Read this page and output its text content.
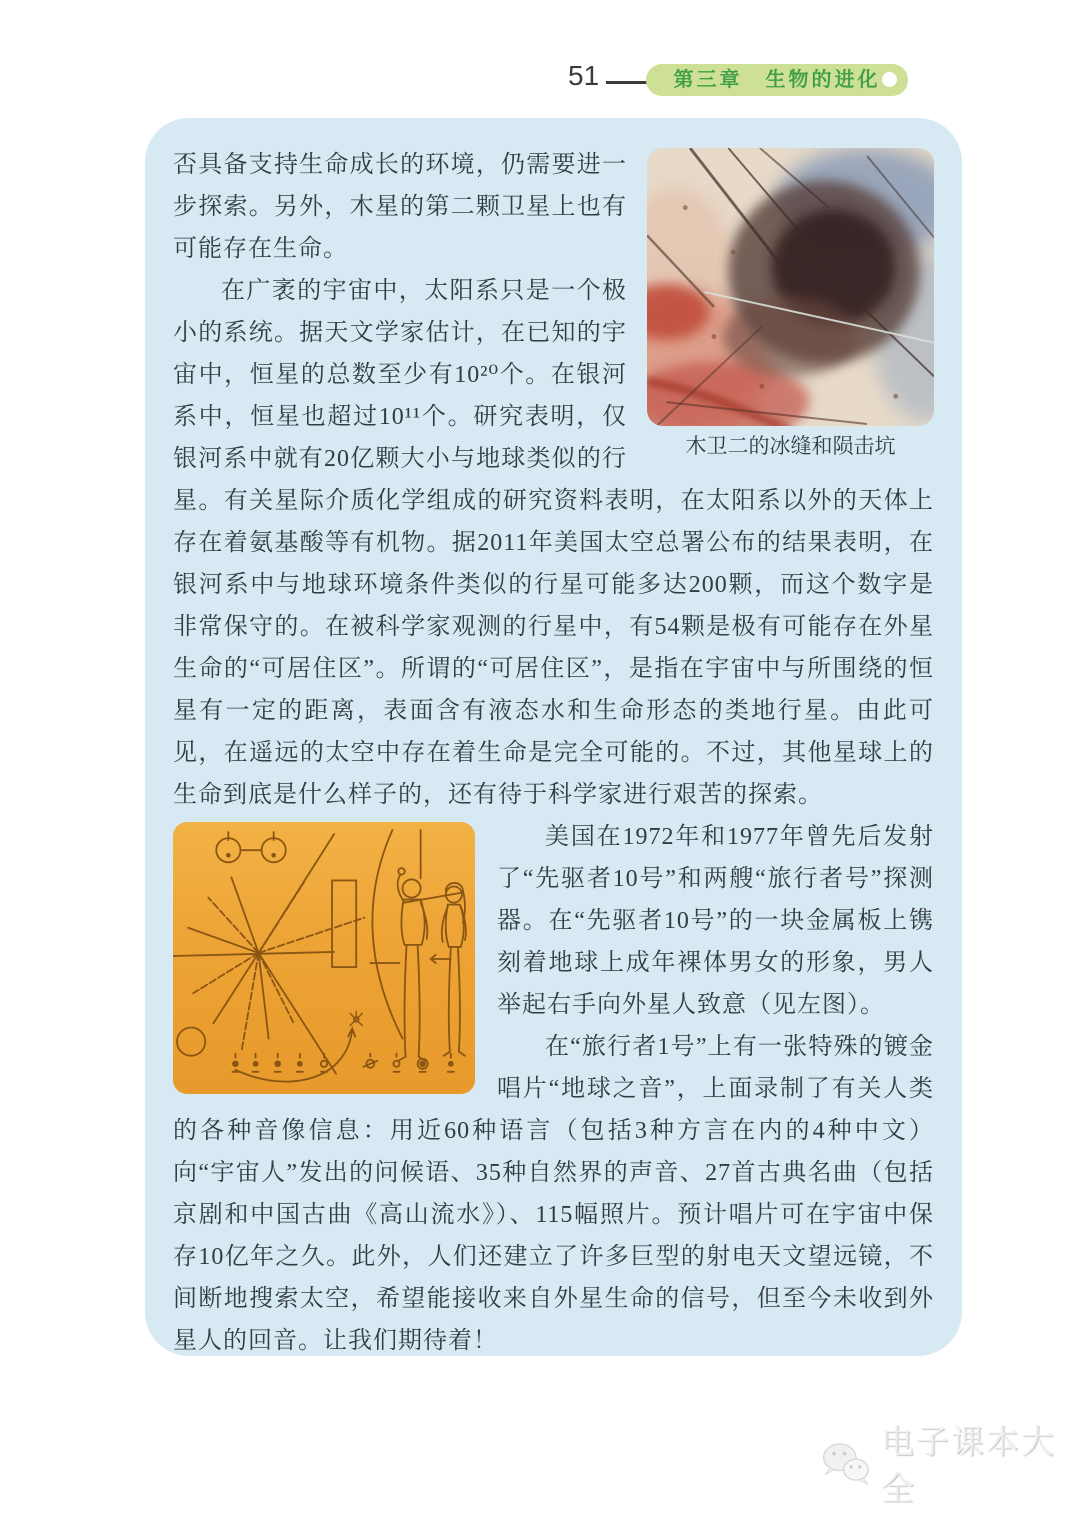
51	第三章　生物的进化
木卫二的冰缝和陨击坑

否具备支持生命成长的环境，仍需要进一步探索。另外，木星的第二颗卫星上也有可能存在生命。

在广袤的宇宙中，太阳系只是一个极小的系统。据天文学家估计，在已知的宇宙中，恒星的总数至少有10²⁰个。在银河系中，恒星也超过10¹¹个。研究表明，仅银河系中就有20亿颗大小与地球类似的行星。有关星际介质化学组成的研究资料表明，在太阳系以外的天体上存在着氨基酸等有机物。据2011年美国太空总署公布的结果表明，在银河系中与地球环境条件类似的行星可能多达200颗，而这个数字是非常保守的。在被科学家观测的行星中，有54颗是极有可能存在外星生命的“可居住区”。所谓的“可居住区”，是指在宇宙中与所围绕的恒星有一定的距离，表面含有液态水和生命形态的类地行星。由此可见，在遥远的太空中存在着生命是完全可能的。不过，其他星球上的生命到底是什么样子的，还有待于科学家进行艰苦的探索。

美国在1972年和1977年曾先后发射了“先驱者10号”和两艘“旅行者号”探测器。在“先驱者10号”的一块金属板上镌刻着地球上成年裸体男女的形象，男人举起右手向外星人致意（见左图）。

在“旅行者1号”上有一张特殊的镀金唱片“地球之音”，上面录制了有关人类的各种音像信息：用近60种语言（包括3种方言在内的4种中文）向“宇宙人”发出的问候语、35种自然界的声音、27首古典名曲（包括京剧和中国古曲《高山流水》）、115幅照片。预计唱片可在宇宙中保存10亿年之久。此外，人们还建立了许多巨型的射电天文望远镜，不间断地搜索太空，希望能接收来自外星生命的信号，但至今未收到外星人的回音。让我们期待着！

电子课本大全
